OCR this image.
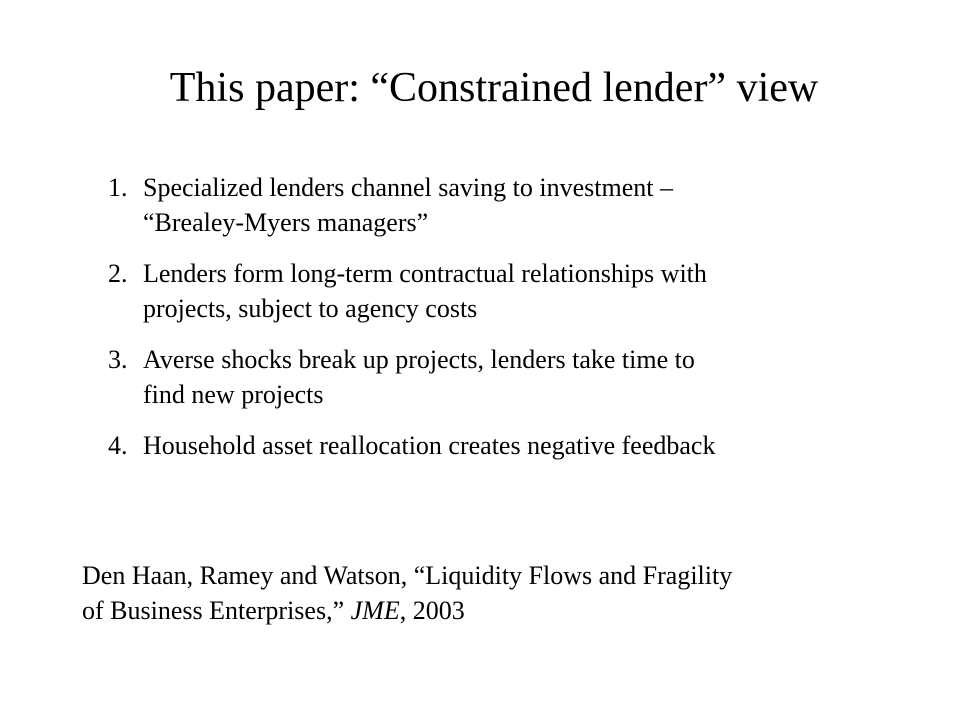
This paper: “Constrained lender” view
1. Specialized lenders channel saving to investment –
“Brealey-Myers managers”
2. Lenders form long-term contractual relationships with
projects, subject to agency costs
3. Averse shocks break up projects, lenders take time to
find new projects
4. Household asset reallocation creates negative feedback

Den Haan, Ramey and Watson, “Liquidity Flows and Fragility
of Business Enterprises,” JME, 2003
